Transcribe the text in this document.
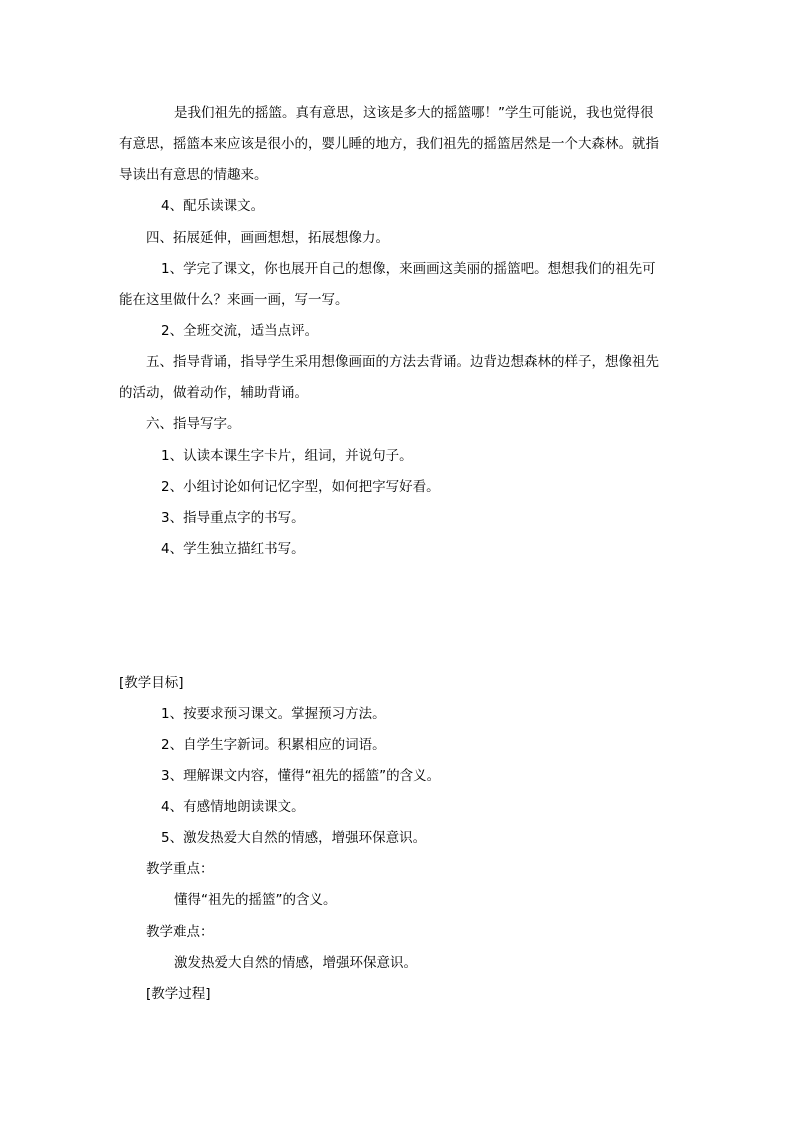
是我们祖先的摇篮。真有意思，这该是多大的摇篮哪！”学生可能说，我也觉得很

有意思，摇篮本来应该是很小的，婴儿睡的地方，我们祖先的摇篮居然是一个大森林。就指

导读出有意思的情趣来。

4、配乐读课文。

四、拓展延伸，画画想想，拓展想像力。

1、学完了课文，你也展开自己的想像，来画画这美丽的摇篮吧。想想我们的祖先可

能在这里做什么？来画一画，写一写。

2、全班交流，适当点评。

五、指导背诵，指导学生采用想像画面的方法去背诵。边背边想森林的样子，想像祖先

的活动，做着动作，辅助背诵。

六、指导写字。

1、认读本课生字卡片，组词，并说句子。

2、小组讨论如何记忆字型，如何把字写好看。

3、指导重点字的书写。

4、学生独立描红书写。

[教学目标]

1、按要求预习课文。掌握预习方法。

2、自学生字新词。积累相应的词语。

3、理解课文内容，懂得“祖先的摇篮”的含义。

4、有感情地朗读课文。

5、激发热爱大自然的情感，增强环保意识。

教学重点：

懂得“祖先的摇篮”的含义。

教学难点：

激发热爱大自然的情感，增强环保意识。

[教学过程]
